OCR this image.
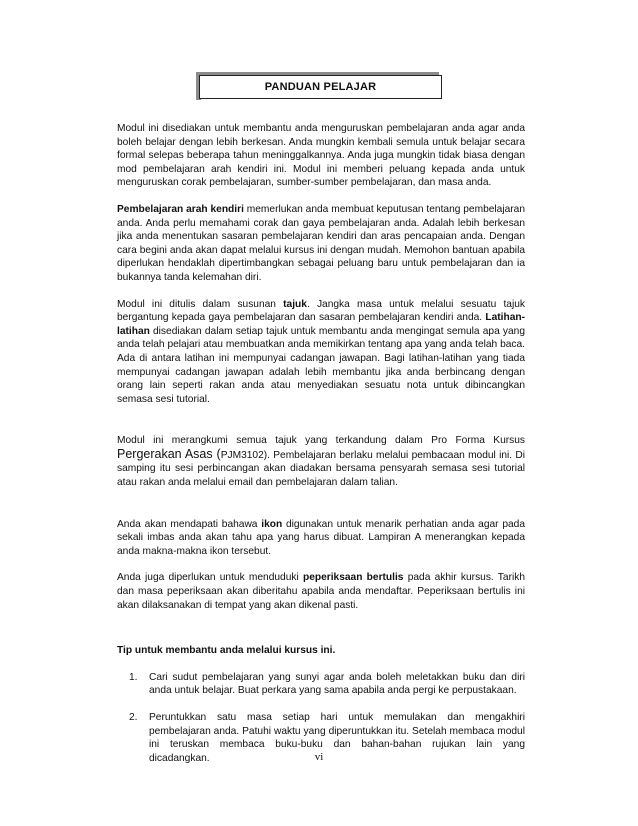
PANDUAN PELAJAR

Modul ini disediakan untuk membantu anda menguruskan pembelajaran anda agar anda boleh belajar dengan lebih berkesan. Anda mungkin kembali semula untuk belajar secara formal selepas beberapa tahun meninggalkannya. Anda juga mungkin tidak biasa dengan mod pembelajaran arah kendiri ini. Modul ini memberi peluang kepada anda untuk menguruskan corak pembelajaran, sumber-sumber pembelajaran, dan masa anda.

Pembelajaran arah kendiri memerlukan anda membuat keputusan tentang pembelajaran anda. Anda perlu memahami corak dan gaya pembelajaran anda. Adalah lebih berkesan jika anda menentukan sasaran pembelajaran kendiri dan aras pencapaian anda. Dengan cara begini anda akan dapat melalui kursus ini dengan mudah. Memohon bantuan apabila diperlukan hendaklah dipertimbangkan sebagai peluang baru untuk pembelajaran dan ia bukannya tanda kelemahan diri.

Modul ini ditulis dalam susunan tajuk. Jangka masa untuk melalui sesuatu tajuk bergantung kepada gaya pembelajaran dan sasaran pembelajaran kendiri anda. Latihan-latihan disediakan dalam setiap tajuk untuk membantu anda mengingat semula apa yang anda telah pelajari atau membuatkan anda memikirkan tentang apa yang anda telah baca. Ada di antara latihan ini mempunyai cadangan jawapan. Bagi latihan-latihan yang tiada mempunyai cadangan jawapan adalah lebih membantu jika anda berbincang dengan orang lain seperti rakan anda atau menyediakan sesuatu nota untuk dibincangkan semasa sesi tutorial.

Modul ini merangkumi semua tajuk yang terkandung dalam Pro Forma Kursus Pergerakan Asas (PJM3102). Pembelajaran berlaku melalui pembacaan modul ini. Di samping itu sesi perbincangan akan diadakan bersama pensyarah semasa sesi tutorial atau rakan anda melalui email dan pembelajaran dalam talian.

Anda akan mendapati bahawa ikon digunakan untuk menarik perhatian anda agar pada sekali imbas anda akan tahu apa yang harus dibuat. Lampiran A menerangkan kepada anda makna-makna ikon tersebut.

Anda juga diperlukan untuk menduduki peperiksaan bertulis pada akhir kursus. Tarikh dan masa peperiksaan akan diberitahu apabila anda mendaftar. Peperiksaan bertulis ini akan dilaksanakan di tempat yang akan dikenal pasti.

Tip untuk membantu anda melalui kursus ini.

1. Cari sudut pembelajaran yang sunyi agar anda boleh meletakkan buku dan diri anda untuk belajar. Buat perkara yang sama apabila anda pergi ke perpustakaan.
2. Peruntukkan satu masa setiap hari untuk memulakan dan mengakhiri pembelajaran anda. Patuhi waktu yang diperuntukkan itu. Setelah membaca modul ini teruskan membaca buku-buku dan bahan-bahan rujukan lain yang dicadangkan.	vi
